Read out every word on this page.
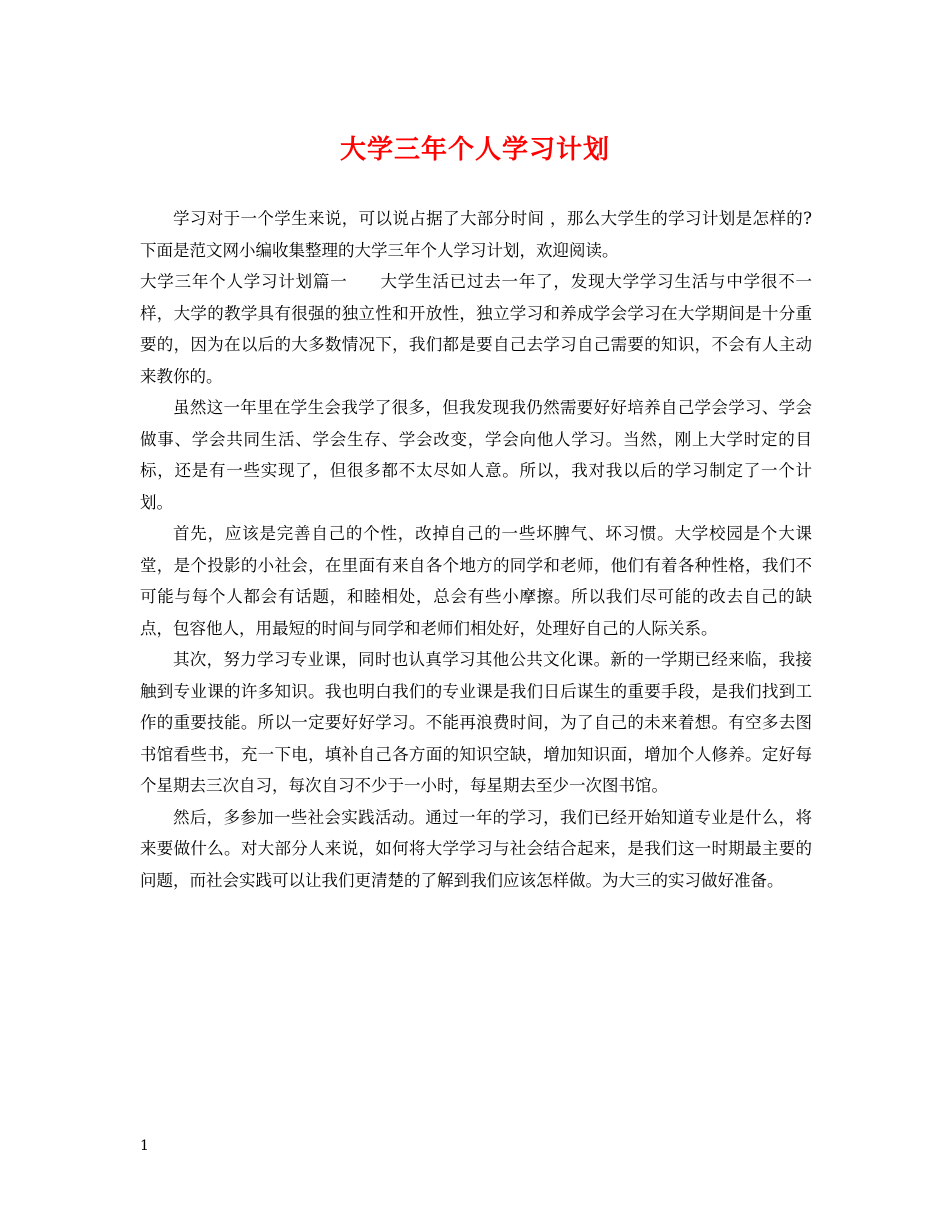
大学三年个人学习计划

学习对于一个学生来说，可以说占据了大部分时间 ，那么大学生的学习计划是怎样的?下面是范文网小编收集整理的大学三年个人学习计划，欢迎阅读。

大学三年个人学习计划篇一 大学生活已过去一年了，发现大学学习生活与中学很不一样，大学的教学具有很强的独立性和开放性，独立学习和养成学会学习在大学期间是十分重要的，因为在以后的大多数情况下，我们都是要自己去学习自己需要的知识，不会有人主动来教你的。

虽然这一年里在学生会我学了很多，但我发现我仍然需要好好培养自己学会学习、学会做事、学会共同生活、学会生存、学会改变，学会向他人学习。当然，刚上大学时定的目标，还是有一些实现了，但很多都不太尽如人意。所以，我对我以后的学习制定了一个计划。

首先，应该是完善自己的个性，改掉自己的一些坏脾气、坏习惯。大学校园是个大课堂，是个投影的小社会，在里面有来自各个地方的同学和老师，他们有着各种性格，我们不可能与每个人都会有话题，和睦相处，总会有些小摩擦。所以我们尽可能的改去自己的缺点，包容他人，用最短的时间与同学和老师们相处好，处理好自己的人际关系。

其次，努力学习专业课，同时也认真学习其他公共文化课。新的一学期已经来临，我接触到专业课的许多知识。我也明白我们的专业课是我们日后谋生的重要手段，是我们找到工作的重要技能。所以一定要好好学习。不能再浪费时间，为了自己的未来着想。有空多去图书馆看些书，充一下电，填补自己各方面的知识空缺，增加知识面，增加个人修养。定好每个星期去三次自习，每次自习不少于一小时，每星期去至少一次图书馆。

然后，多参加一些社会实践活动。通过一年的学习，我们已经开始知道专业是什么，将来要做什么。对大部分人来说，如何将大学学习与社会结合起来，是我们这一时期最主要的问题，而社会实践可以让我们更清楚的了解到我们应该怎样做。为大三的实习做好准备。

1
